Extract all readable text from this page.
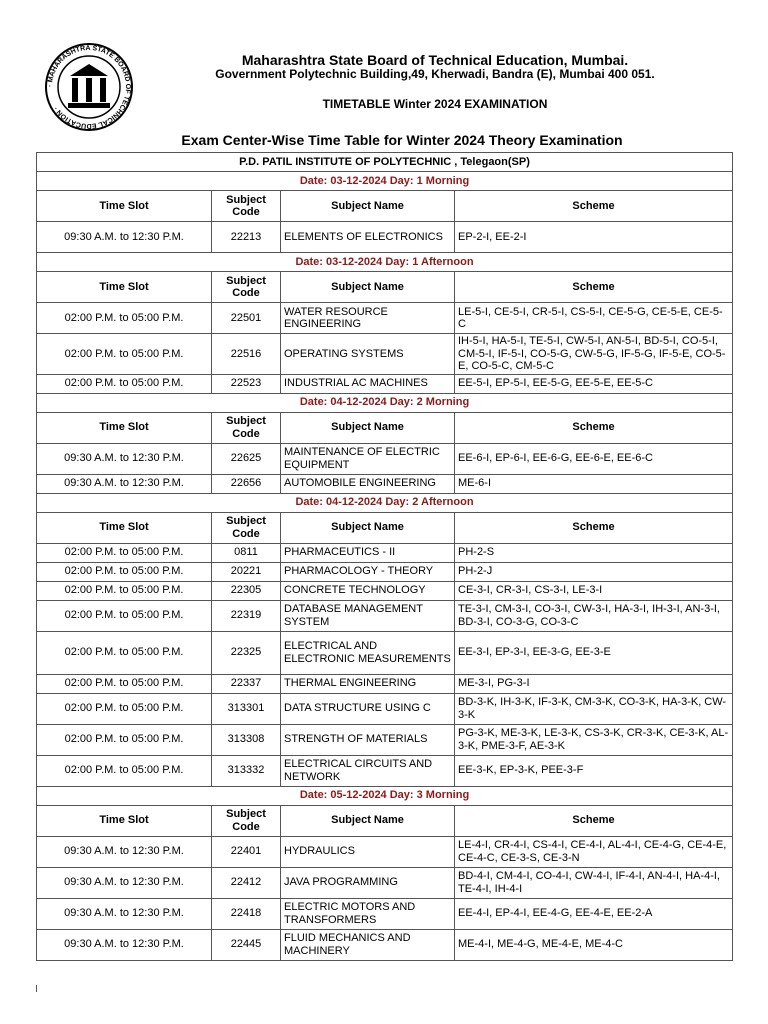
· MAHARASHTRA STATE BOARD OF TECHNICAL EDUCATION ·
Maharashtra State Board of Technical Education, Mumbai.
Government Polytechnic Building,49, Kherwadi, Bandra (E), Mumbai 400 051.
TIMETABLE Winter 2024 EXAMINATION
Exam Center-Wise Time Table for Winter 2024 Theory Examination
P.D. PATIL INSTITUTE OF POLYTECHNIC , Telegaon(SP)			
Date: 03-12-2024 Day: 1 Morning			
Time Slot	Subject Code	Subject Name	Scheme
09:30 A.M. to 12:30 P.M.	22213	ELEMENTS OF ELECTRONICS	EP-2-I, EE-2-I
Date: 03-12-2024 Day: 1 Afternoon			
Time Slot	Subject Code	Subject Name	Scheme
02:00 P.M. to 05:00 P.M.	22501	WATER RESOURCE ENGINEERING	LE-5-I, CE-5-I, CR-5-I, CS-5-I, CE-5-G, CE-5-E, CE-5-C
02:00 P.M. to 05:00 P.M.	22516	OPERATING SYSTEMS	IH-5-I, HA-5-I, TE-5-I, CW-5-I, AN-5-I, BD-5-I, CO-5-I, CM-5-I, IF-5-I, CO-5-G, CW-5-G, IF-5-G, IF-5-E, CO-5-E, CO-5-C, CM-5-C
02:00 P.M. to 05:00 P.M.	22523	INDUSTRIAL AC MACHINES	EE-5-I, EP-5-I, EE-5-G, EE-5-E, EE-5-C
Date: 04-12-2024 Day: 2 Morning			
Time Slot	Subject Code	Subject Name	Scheme
09:30 A.M. to 12:30 P.M.	22625	MAINTENANCE OF ELECTRIC EQUIPMENT	EE-6-I, EP-6-I, EE-6-G, EE-6-E, EE-6-C
09:30 A.M. to 12:30 P.M.	22656	AUTOMOBILE ENGINEERING	ME-6-I
Date: 04-12-2024 Day: 2 Afternoon			
Time Slot	Subject Code	Subject Name	Scheme
02:00 P.M. to 05:00 P.M.	0811	PHARMACEUTICS - II	PH-2-S
02:00 P.M. to 05:00 P.M.	20221	PHARMACOLOGY - THEORY	PH-2-J
02:00 P.M. to 05:00 P.M.	22305	CONCRETE TECHNOLOGY	CE-3-I, CR-3-I, CS-3-I, LE-3-I
02:00 P.M. to 05:00 P.M.	22319	DATABASE MANAGEMENT SYSTEM	TE-3-I, CM-3-I, CO-3-I, CW-3-I, HA-3-I, IH-3-I, AN-3-I, BD-3-I, CO-3-G, CO-3-C
02:00 P.M. to 05:00 P.M.	22325	ELECTRICAL AND ELECTRONIC MEASUREMENTS	EE-3-I, EP-3-I, EE-3-G, EE-3-E
02:00 P.M. to 05:00 P.M.	22337	THERMAL ENGINEERING	ME-3-I, PG-3-I
02:00 P.M. to 05:00 P.M.	313301	DATA STRUCTURE USING C	BD-3-K, IH-3-K, IF-3-K, CM-3-K, CO-3-K, HA-3-K, CW-3-K
02:00 P.M. to 05:00 P.M.	313308	STRENGTH OF MATERIALS	PG-3-K, ME-3-K, LE-3-K, CS-3-K, CR-3-K, CE-3-K, AL-3-K, PME-3-F, AE-3-K
02:00 P.M. to 05:00 P.M.	313332	ELECTRICAL CIRCUITS AND NETWORK	EE-3-K, EP-3-K, PEE-3-F
Date: 05-12-2024 Day: 3 Morning			
Time Slot	Subject Code	Subject Name	Scheme
09:30 A.M. to 12:30 P.M.	22401	HYDRAULICS	LE-4-I, CR-4-I, CS-4-I, CE-4-I, AL-4-I, CE-4-G, CE-4-E, CE-4-C, CE-3-S, CE-3-N
09:30 A.M. to 12:30 P.M.	22412	JAVA PROGRAMMING	BD-4-I, CM-4-I, CO-4-I, CW-4-I, IF-4-I, AN-4-I, HA-4-I, TE-4-I, IH-4-I
09:30 A.M. to 12:30 P.M.	22418	ELECTRIC MOTORS AND TRANSFORMERS	EE-4-I, EP-4-I, EE-4-G, EE-4-E, EE-2-A
09:30 A.M. to 12:30 P.M.	22445	FLUID MECHANICS AND MACHINERY	ME-4-I, ME-4-G, ME-4-E, ME-4-C
